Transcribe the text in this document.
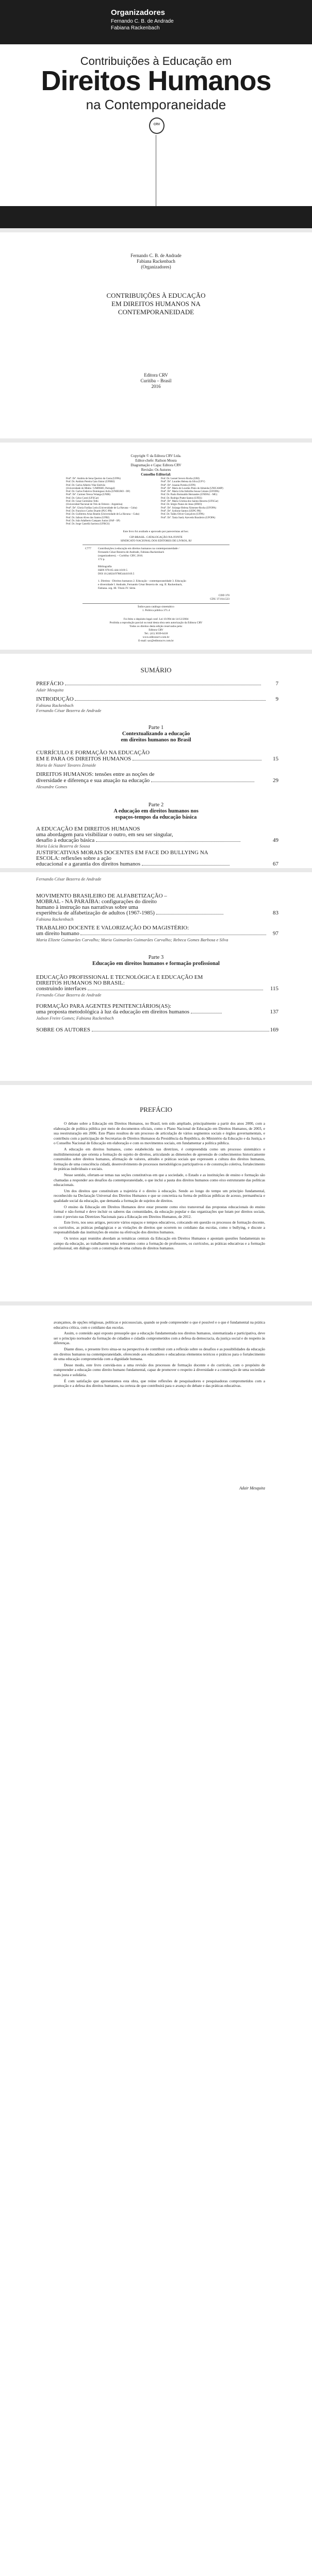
Organizadores
Fernando C. B. de Andrade
Fabiana Rackenbach
Contribuições à Educação em
Direitos Humanos
na Contemporaneidade
CRV
Fernando C. B. de Andrade
Fabiana Rackenbach
(Organizadores)
CONTRIBUIÇÕES À EDUCAÇÃO
EM DIREITOS HUMANOS NA
CONTEMPORANEIDADE
Editora CRV
Curitiba – Brasil
2016
Copyright © da Editora CRV Ltda.
Editor-chefe: Railson Moura
Diagramação e Capa: Editora CRV
Revisão: Os Autores
Conselho Editorial:
Profª. Drª. Andréa de Sena Queiroz da Costa (UFPA)
Prof. Dr. Antônio Pereira Gaio Júnior (UFRRJ)
Prof. Dr. Carlos Alberto Vilar Estêvão
(Universidade do Minho / UMINHO, Portugal)
Prof. Dr. Carlos Federico Dominguez Avila (UNIEURO - DF)
Profª. Drª. Carmen Tereza Velanga (UNIR)
Prof. Dr. Celso Conti (UFSCar)
Prof. Dr. Cesar Gerónimo Tello
(Universidad Nacional de Três de Febrero - Argentina)
Profª. Drª. Gloria Fariñas León (Universidade de La Havana – Cuba)
Prof. Dr. Francisco Carlos Duarte (PUC-PR)
Prof. Dr. Guillermo Arias Beatón (Universidade de La Havana – Cuba)
Prof. Dr. Jailson Alves dos Santos (UFRJ)
Prof. Dr. João Adalberto Campato Junior (FAP - SP)
Prof. Dr. Jorge Castellá Sarriera (UFRGS)
Prof. Dr. Leonel Severo Rocha (URI)
Profª. Drª. Lourdes Helena da Silva (UFV)
Profª. Drª. Josania Portela (UFPI)
Profª. Drª. Maria de Lourdes Pinto de Almeida (UNICAMP)
Profª. Drª. Maria Lília Imbiriba Sousa Colares (UFOPA)
Prof. Dr. Paulo Romualdo Hernandes (UNIFAL - MG)
Prof. Dr. Rodrigo Pratte-Santos (UFES)
Profª. Drª. Maria Cristina dos Santos Bezerra (UFSCar)
Prof. Dr. Sérgio Nunes de Jesus (IFRO)
Profª. Drª. Solange Helena Ximenes-Rocha (UFOPA)
Profª. Drª. Sydione Santos (UEPG PR)
Prof. Dr. Tadeu Oliver Gonçalves (UFPA)
Profª. Drª. Tania Suely Azevedo Brasileiro (UFOPA)
Este livro foi avaliado e aprovado por pareceristas ad hoc.
CIP-BRASIL. CATALOGAÇÃO-NA-FONTE
SINDICATO NACIONAL DOS EDITORES DE LIVROS, RJ
C777 Contribuições à educação em direitos humanos na contemporaneidade /
Fernando César Bezerra de Andrade, Fabiana Rackenbach
(organizadores). – Curitiba: CRV, 2016.
172 p.
Bibliografia
ISBN 978-85-444-1019-5
DOI 10.24824/978854441019.5
1. Direitos - Direitos humanos 2. Educação - contemporaneidade 3. Educação
e diversidade I. Andrade, Fernando César Bezerra de. org. II. Rackenbach,
Fabiana. org. III. Título IV. Série.
CDD 370
CDU 37.014.523
Índice para catálogo sistemático
1. Política pública 371.4
Foi feito o depósito legal conf. Lei 10.994 de 14/12/2004
Proibida a reprodução parcial ou total desta obra sem autorização da Editora CRV
Todos os direitos desta edição reservados pela:
Editora CRV
Tel.: (41) 3039-6418
www.editoracrv.com.br
E-mail: sac@editoracrv.com.br
SUMÁRIO
PREFÁCIO	7
Adair Mesquita
INTRODUÇÃO	9
Fabiana Rackenbach
Fernando César Bezerra de Andrade
Parte 1
Contextualizando a educação
em direitos humanos no Brasil
CURRÍCULO E FORMAÇÃO NA EDUCAÇÃO
EM E PARA OS DIREITOS HUMANOS	15
Maria de Nazaré Tavares Zenaide
DIREITOS HUMANOS: tensões entre as noções de
diversidade e diferença e sua atuação na educação	29
Alexandre Gomes
Parte 2
A educação em direitos humanos nos
espaços-tempos da educação básica
A EDUCAÇÃO EM DIREITOS HUMANOS
uma abordagem para visibilizar o outro, em seu ser singular,
desafio à educação básica	49
Maria Lúcia Bezerra de Sousa
JUSTIFICATIVAS MORAIS DOCENTES EM FACE DO BULLYING NA
ESCOLA: reflexões sobre a ação
educacional e a garantia dos direitos humanos	67
Fernando César Bezerra de Andrade
MOVIMENTO BRASILEIRO DE ALFABETIZAÇÃO –
MOBRAL - NA PARAÍBA: configurações do direito
humano à instrução nas narrativas sobre uma
experiência de alfabetização de adultos (1967-1985)	83
Fabiana Rackenbach
TRABALHO DOCENTE E VALORIZAÇÃO DO MAGISTÉRIO:
um direito humano	97
Maria Elizete Guimarães Carvalho; Maria Guimarães Guimarães Carvalho; Rebeca Gomes Barbosa e Silva
Parte 3
Educação em direitos humanos e formação profissional
EDUCAÇÃO PROFISSIONAL E TECNOLÓGICA E EDUCAÇÃO EM
DIREITOS HUMANOS NO BRASIL:
construindo interfaces	115
Fernando César Bezerra de Andrade
FORMAÇÃO PARA AGENTES PENITENCIÁRIOS(AS):
uma proposta metodológica à luz da educação em direitos humanos	137
Jadson Freire Gomes; Fabiana Rackenbach
SOBRE OS AUTORES	169
PREFÁCIO

O debate sobre a Educação em Direitos Humanos, no Brasil, tem sido ampliado, principalmente a partir dos anos 2000, com a elaboração de política pública por meio de documentos oficiais, como o Plano Nacional de Educação em Direitos Humanos, de 2003, e sua reestruturação em 2006. Este Plano resultou de um processo de articulação de vários segmentos sociais e órgãos governamentais, e contribuiu com a participação de Secretarias de Direitos Humanos da Presidência da República, do Ministério da Educação e da Justiça, e o Conselho Nacional de Educação em elaboração e com os movimentos sociais, em fundamentar a política pública.

A educação em direitos humanos, como estabelecida nas diretrizes, é compreendida como um processo sistemático e multidimensional que orienta a formação do sujeito de direitos, articulando as dimensões de apreensão de conhecimentos historicamente construídos sobre direitos humanos, afirmação de valores, atitudes e práticas sociais que expressem a cultura dos direitos humanos, formação de uma consciência cidadã, desenvolvimento de processos metodológicos participativos e de construção coletiva, fortalecimento de práticas individuais e sociais.

Nesse sentido, ofertam-se temas nas seções constitutivas em que a sociedade, o Estado e as instituições de ensino e formação são chamadas a responder aos desafios da contemporaneidade, o que inclui a pauta dos direitos humanos como eixo estruturante das políticas educacionais.

Um dos direitos que constituíram a trajetória é o direito à educação. Sendo ao longo do tempo um princípio fundamental, reconhecido na Declaração Universal dos Direitos Humanos e que se concretiza na forma de políticas públicas de acesso, permanência e qualidade social da educação, que demanda a formação de sujeitos de direitos.

O ensino da Educação em Direitos Humanos deve estar presente como eixo transversal das propostas educacionais do ensino formal e não-formal e deve incluir os saberes das comunidades, da educação popular e das organizações que lutam por direitos sociais, como é previsto nas Diretrizes Nacionais para a Educação em Direitos Humanos, de 2012.

Este livro, nos seus artigos, percorre vários espaços e tempos educativos, colocando em questão os processos de formação docente, os currículos, as práticas pedagógicas e as violações de direitos que ocorrem no cotidiano das escolas, como o bullying, e discute a responsabilidade das instituições de ensino na efetivação dos direitos humanos.

Os textos aqui reunidos abordam as temáticas centrais da Educação em Direitos Humanos e apontam questões fundamentais no campo da educação, ao trabalharem temas relevantes como a formação de professores, os currículos, as práticas educativas e a formação profissional, em diálogo com a construção de uma cultura de direitos humanos.

avançamos, de opções religiosas, políticas e psicossociais, quando se pode compreender o que é possível e o que é fundamental na prática educativa crítica, com o cotidiano das escolas.

Assim, o conteúdo aqui exposto pressupõe que a educação fundamentada nos direitos humanos, sistematizada e participativa, deve ser o princípio norteador da formação de cidadãos e cidadãs comprometidos com a defesa da democracia, da justiça social e do respeito às diferenças.

Diante disso, o presente livro situa-se na perspectiva de contribuir com a reflexão sobre os desafios e as possibilidades da educação em direitos humanos na contemporaneidade, oferecendo aos educadores e educadoras elementos teóricos e práticos para o fortalecimento de uma educação comprometida com a dignidade humana.

Desse modo, este livro convida-nos a uma revisão dos processos de formação docente e do currículo, com o propósito de compreender a educação como direito humano fundamental, capaz de promover o respeito à diversidade e a construção de uma sociedade mais justa e solidária.

É com satisfação que apresentamos esta obra, que reúne reflexões de pesquisadores e pesquisadoras comprometidos com a promoção e a defesa dos direitos humanos, na certeza de que contribuirá para o avanço do debate e das práticas educativas.

Adair Mesquita
